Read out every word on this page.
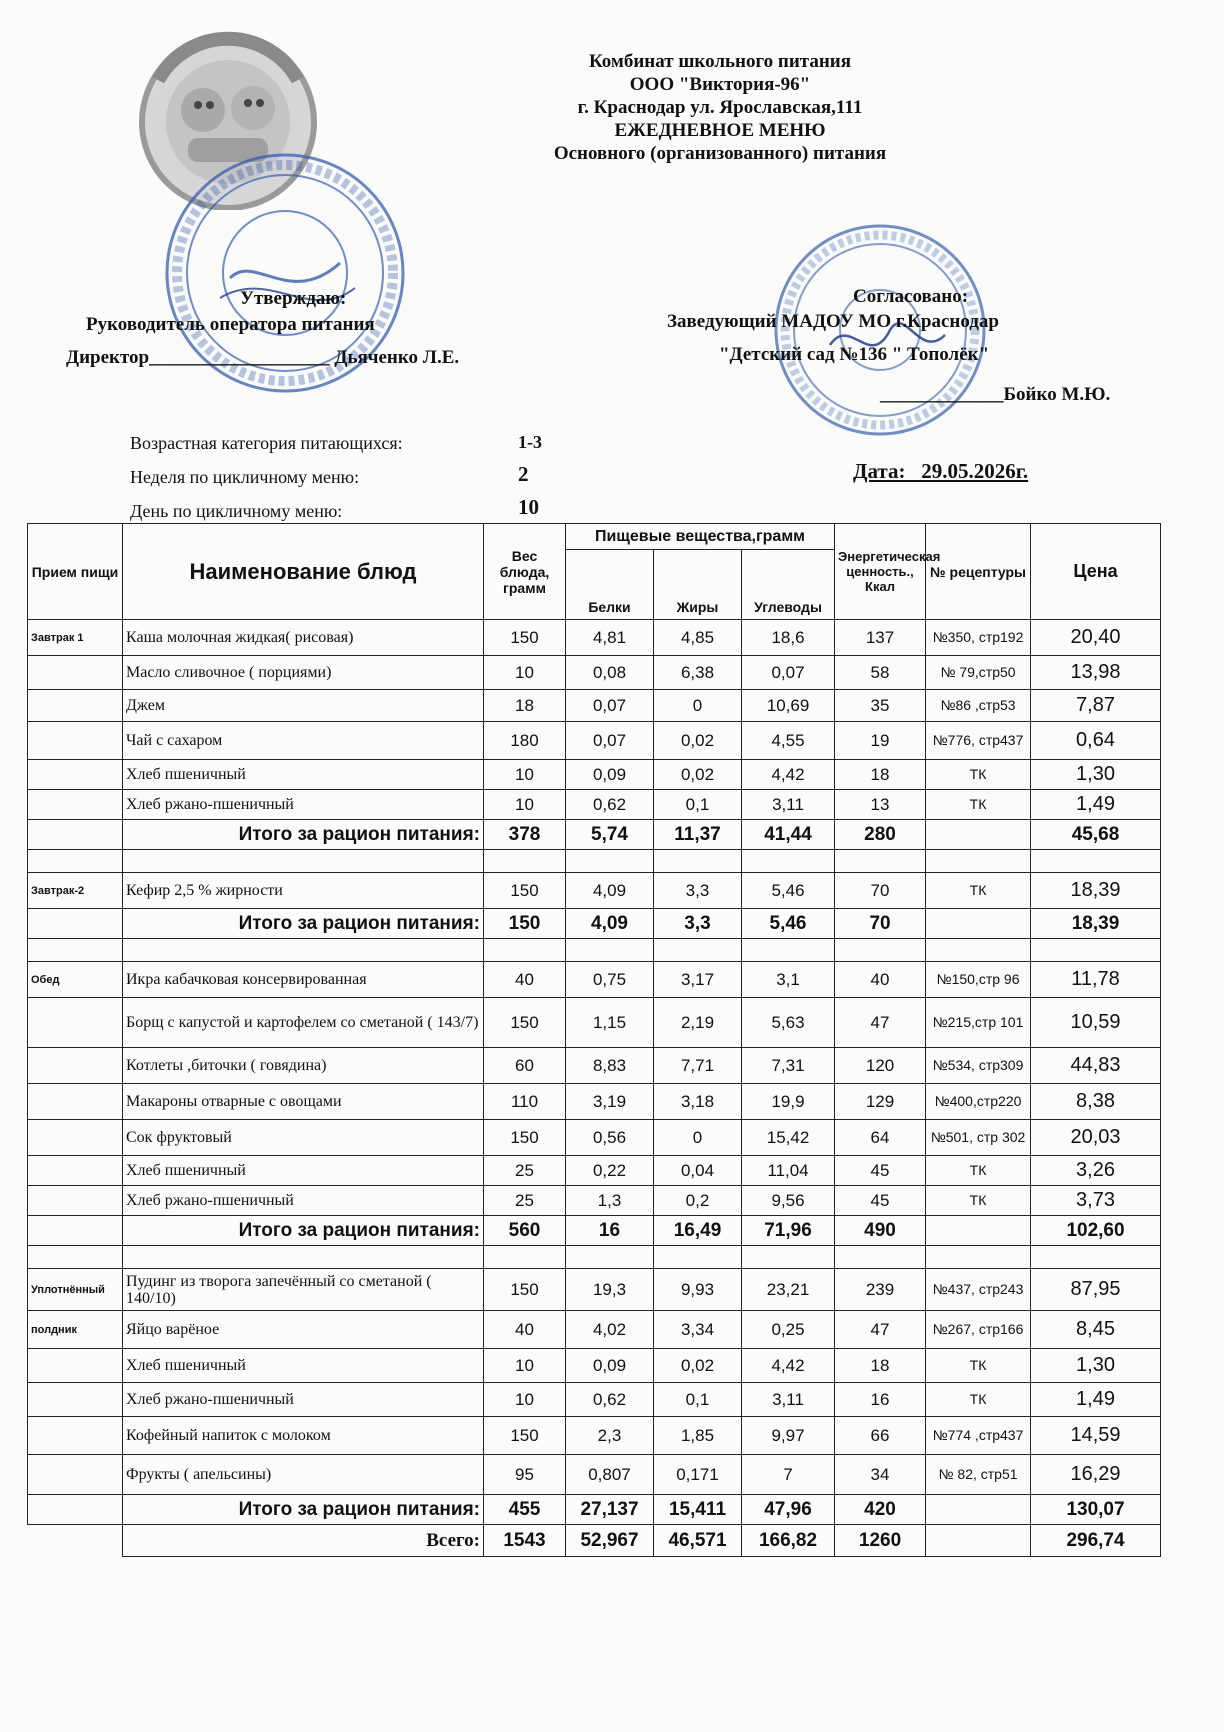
Комбинат школьного питания
ООО "Виктория-96"
г. Краснодар ул. Ярославская,111
ЕЖЕДНЕВНОЕ МЕНЮ
Основного (организованного) питания
Утверждаю:
Руководитель оператора питания
Директор___________________ Дьяченко Л.Е.
Согласовано:
Заведующий МАДОУ МО г.Краснодар
"Детский сад №136 " Тополёк"
_____________Бойко М.Ю.
Возрастная категория питающихся:	1-3
Неделя по цикличному меню:	2
День по цикличному меню:	10
Дата:   29.05.2026г.
Прием пищи	Наименование блюд	Вес блюда, грамм	Пищевые вещества,грамм			Энергетическая ценность., Ккал	№ рецептуры	Цена
			Белки	Жиры	Углеводы			
Завтрак 1	Каша молочная жидкая( рисовая)	150	4,81	4,85	18,6	137	№350, стр192	20,40
	Масло сливочное ( порциями)	10	0,08	6,38	0,07	58	№ 79,стр50	13,98
	Джем	18	0,07	0	10,69	35	№86 ,стр53	7,87
	Чай с сахаром	180	0,07	0,02	4,55	19	№776, стр437	0,64
	Хлеб пшеничный	10	0,09	0,02	4,42	18	ТК	1,30
	Хлеб ржано-пшеничный	10	0,62	0,1	3,11	13	ТК	1,49
	Итого за рацион питания:	378	5,74	11,37	41,44	280		45,68

Завтрак-2	Кефир 2,5 % жирности	150	4,09	3,3	5,46	70	ТК	18,39
	Итого за рацион питания:	150	4,09	3,3	5,46	70		18,39

Обед	Икра кабачковая консервированная	40	0,75	3,17	3,1	40	№150,стр 96	11,78
	Борщ с капустой и картофелем со сметаной ( 143/7)	150	1,15	2,19	5,63	47	№215,стр 101	10,59
	Котлеты ,биточки ( говядина)	60	8,83	7,71	7,31	120	№534, стр309	44,83
	Макароны отварные с овощами	110	3,19	3,18	19,9	129	№400,стр220	8,38
	Сок фруктовый	150	0,56	0	15,42	64	№501, стр 302	20,03
	Хлеб пшеничный	25	0,22	0,04	11,04	45	ТК	3,26
	Хлеб ржано-пшеничный	25	1,3	0,2	9,56	45	ТК	3,73
	Итого за рацион питания:	560	16	16,49	71,96	490		102,60

Уплотнённый	Пудинг из творога запечённый со сметаной ( 140/10)	150	19,3	9,93	23,21	239	№437, стр243	87,95
полдник	Яйцо варёное	40	4,02	3,34	0,25	47	№267, стр166	8,45
	Хлеб пшеничный	10	0,09	0,02	4,42	18	ТК	1,30
	Хлеб ржано-пшеничный	10	0,62	0,1	3,11	16	ТК	1,49
	Кофейный напиток с молоком	150	2,3	1,85	9,97	66	№774 ,стр437	14,59
	Фрукты ( апельсины)	95	0,807	0,171	7	34	№ 82, стр51	16,29
	Итого за рацион питания:	455	27,137	15,411	47,96	420		130,07
	Всего:	1543	52,967	46,571	166,82	1260		296,74
